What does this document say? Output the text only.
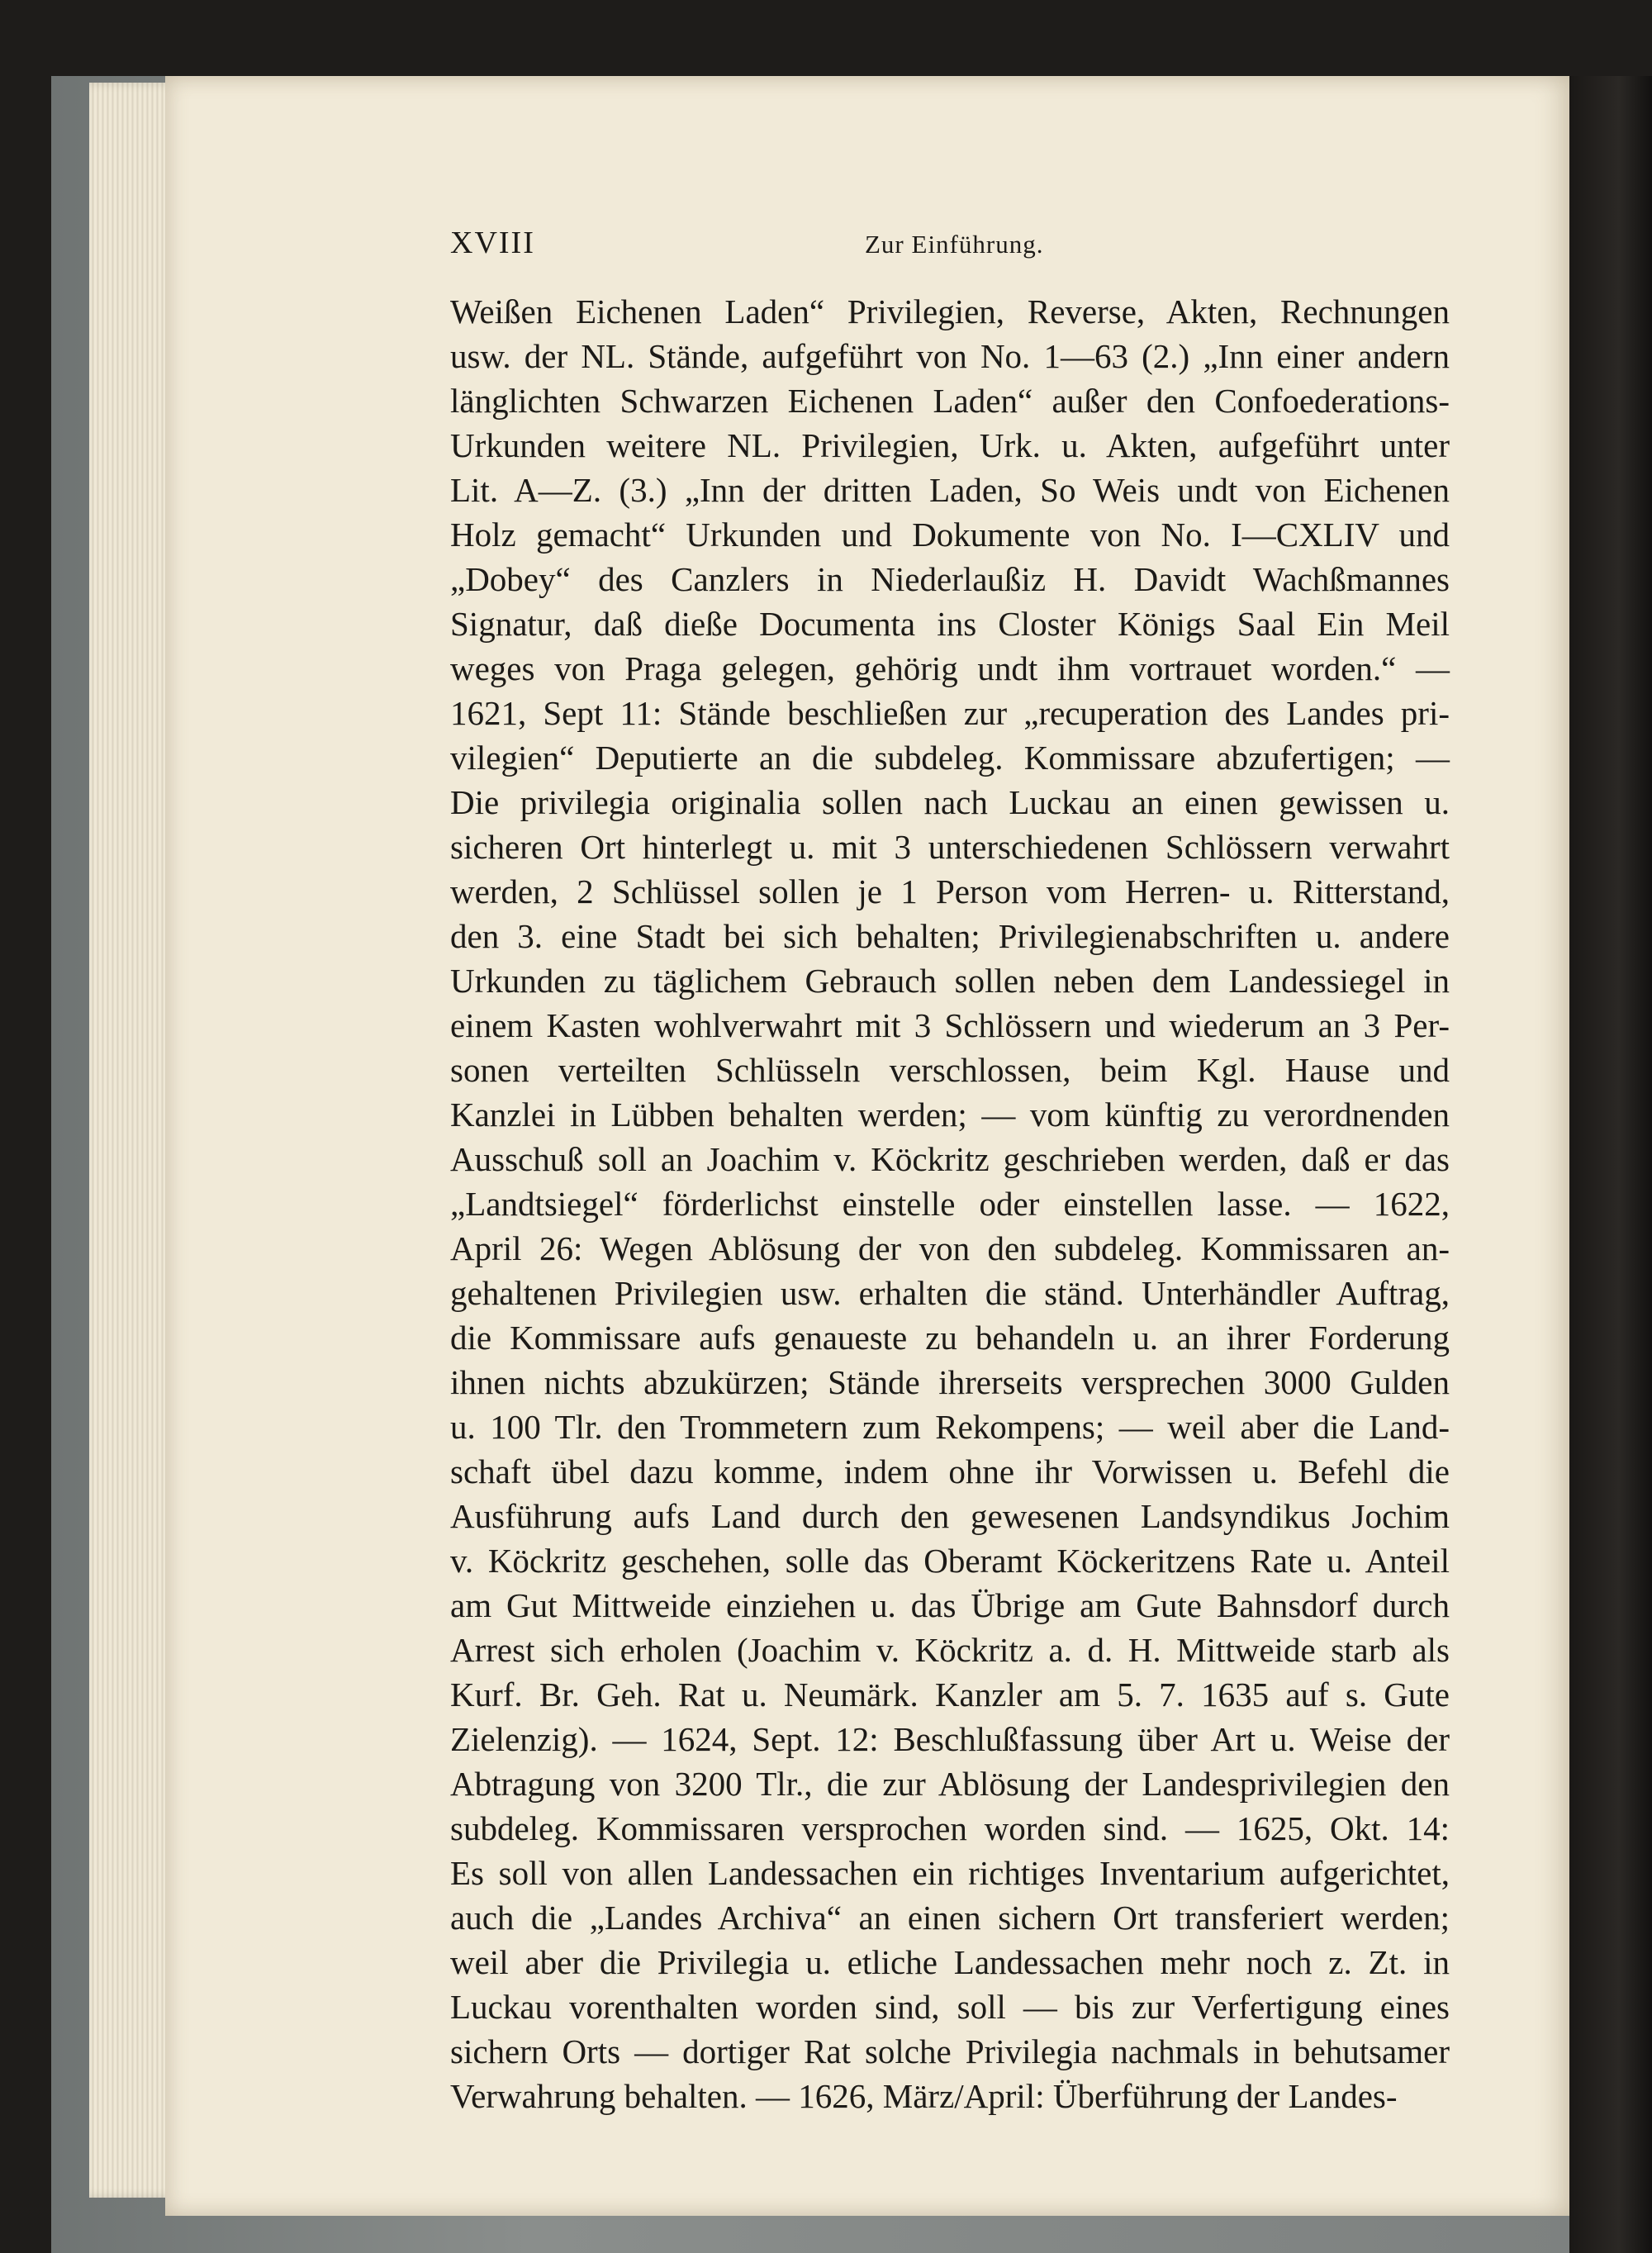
XVIII	Zur Einführung.
Weißen Eichenen Laden“ Privilegien, Reverse, Akten, Rechnungen
usw. der NL. Stände, aufgeführt von No. 1—63 (2.) „Inn einer andern
länglichten Schwarzen Eichenen Laden“ außer den Confoederations-
Urkunden weitere NL. Privilegien, Urk. u. Akten, aufgeführt unter
Lit. A—Z. (3.) „Inn der dritten Laden, So Weis undt von Eichenen
Holz gemacht“ Urkunden und Dokumente von No. I—CXLIV und
„Dobey“ des Canzlers in Niederlaußiz H. Davidt Wachßmannes
Signatur, daß dieße Documenta ins Closter Königs Saal Ein Meil
weges von Praga gelegen, gehörig undt ihm vortrauet worden.“ —
1621, Sept 11: Stände beschließen zur „recuperation des Landes pri-
vilegien“ Deputierte an die subdeleg. Kommissare abzufertigen; —
Die privilegia originalia sollen nach Luckau an einen gewissen u.
sicheren Ort hinterlegt u. mit 3 unterschiedenen Schlössern verwahrt
werden, 2 Schlüssel sollen je 1 Person vom Herren- u. Ritterstand,
den 3. eine Stadt bei sich behalten; Privilegienabschriften u. andere
Urkunden zu täglichem Gebrauch sollen neben dem Landessiegel in
einem Kasten wohlverwahrt mit 3 Schlössern und wiederum an 3 Per-
sonen verteilten Schlüsseln verschlossen, beim Kgl. Hause und
Kanzlei in Lübben behalten werden; — vom künftig zu verordnenden
Ausschuß soll an Joachim v. Köckritz geschrieben werden, daß er das
„Landtsiegel“ förderlichst einstelle oder einstellen lasse. — 1622,
April 26: Wegen Ablösung der von den subdeleg. Kommissaren an-
gehaltenen Privilegien usw. erhalten die ständ. Unterhändler Auftrag,
die Kommissare aufs genaueste zu behandeln u. an ihrer Forderung
ihnen nichts abzukürzen; Stände ihrerseits versprechen 3000 Gulden
u. 100 Tlr. den Trommetern zum Rekompens; — weil aber die Land-
schaft übel dazu komme, indem ohne ihr Vorwissen u. Befehl die
Ausführung aufs Land durch den gewesenen Landsyndikus Jochim
v. Köckritz geschehen, solle das Oberamt Köckeritzens Rate u. Anteil
am Gut Mittweide einziehen u. das Übrige am Gute Bahnsdorf durch
Arrest sich erholen (Joachim v. Köckritz a. d. H. Mittweide starb als
Kurf. Br. Geh. Rat u. Neumärk. Kanzler am 5. 7. 1635 auf s. Gute
Zielenzig). — 1624, Sept. 12: Beschlußfassung über Art u. Weise der
Abtragung von 3200 Tlr., die zur Ablösung der Landesprivilegien den
subdeleg. Kommissaren versprochen worden sind. — 1625, Okt. 14:
Es soll von allen Landessachen ein richtiges Inventarium aufgerichtet,
auch die „Landes Archiva“ an einen sichern Ort transferiert werden;
weil aber die Privilegia u. etliche Landessachen mehr noch z. Zt. in
Luckau vorenthalten worden sind, soll — bis zur Verfertigung eines
sichern Orts — dortiger Rat solche Privilegia nachmals in behutsamer
Verwahrung behalten. — 1626, März/April: Überführung der Landes-
